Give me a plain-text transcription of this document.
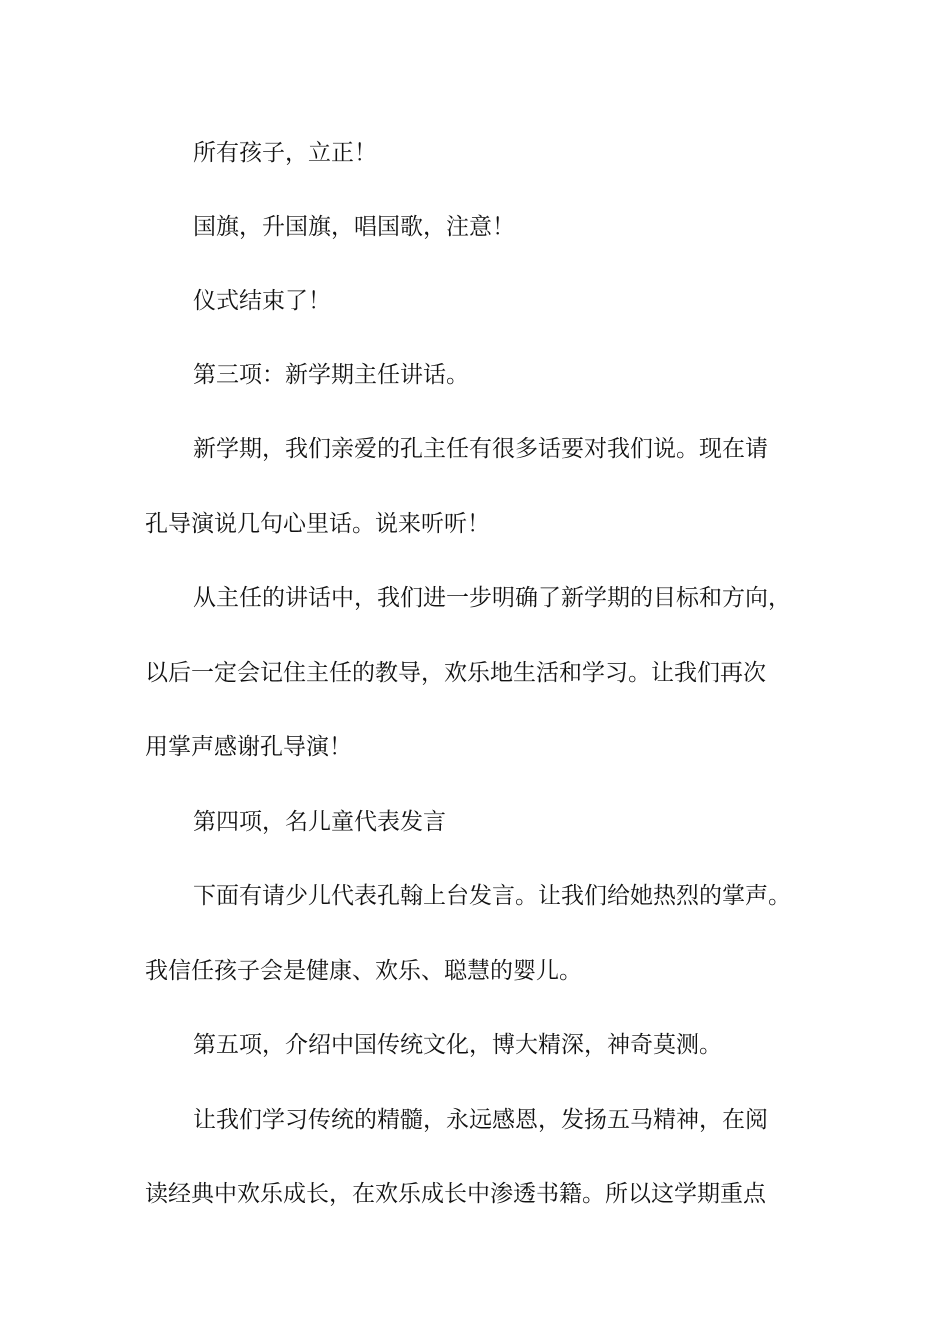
所有孩子，立正！

国旗，升国旗，唱国歌，注意！

仪式结束了！

第三项：新学期主任讲话。

新学期，我们亲爱的孔主任有很多话要对我们说。现在请

孔导演说几句心里话。说来听听！

从主任的讲话中，我们进一步明确了新学期的目标和方向，

以后一定会记住主任的教导，欢乐地生活和学习。让我们再次

用掌声感谢孔导演！

第四项，名儿童代表发言

下面有请少儿代表孔翰上台发言。让我们给她热烈的掌声。

我信任孩子会是健康、欢乐、聪慧的婴儿。

第五项，介绍中国传统文化，博大精深，神奇莫测。

让我们学习传统的精髓，永远感恩，发扬五马精神，在阅

读经典中欢乐成长，在欢乐成长中渗透书籍。所以这学期重点
